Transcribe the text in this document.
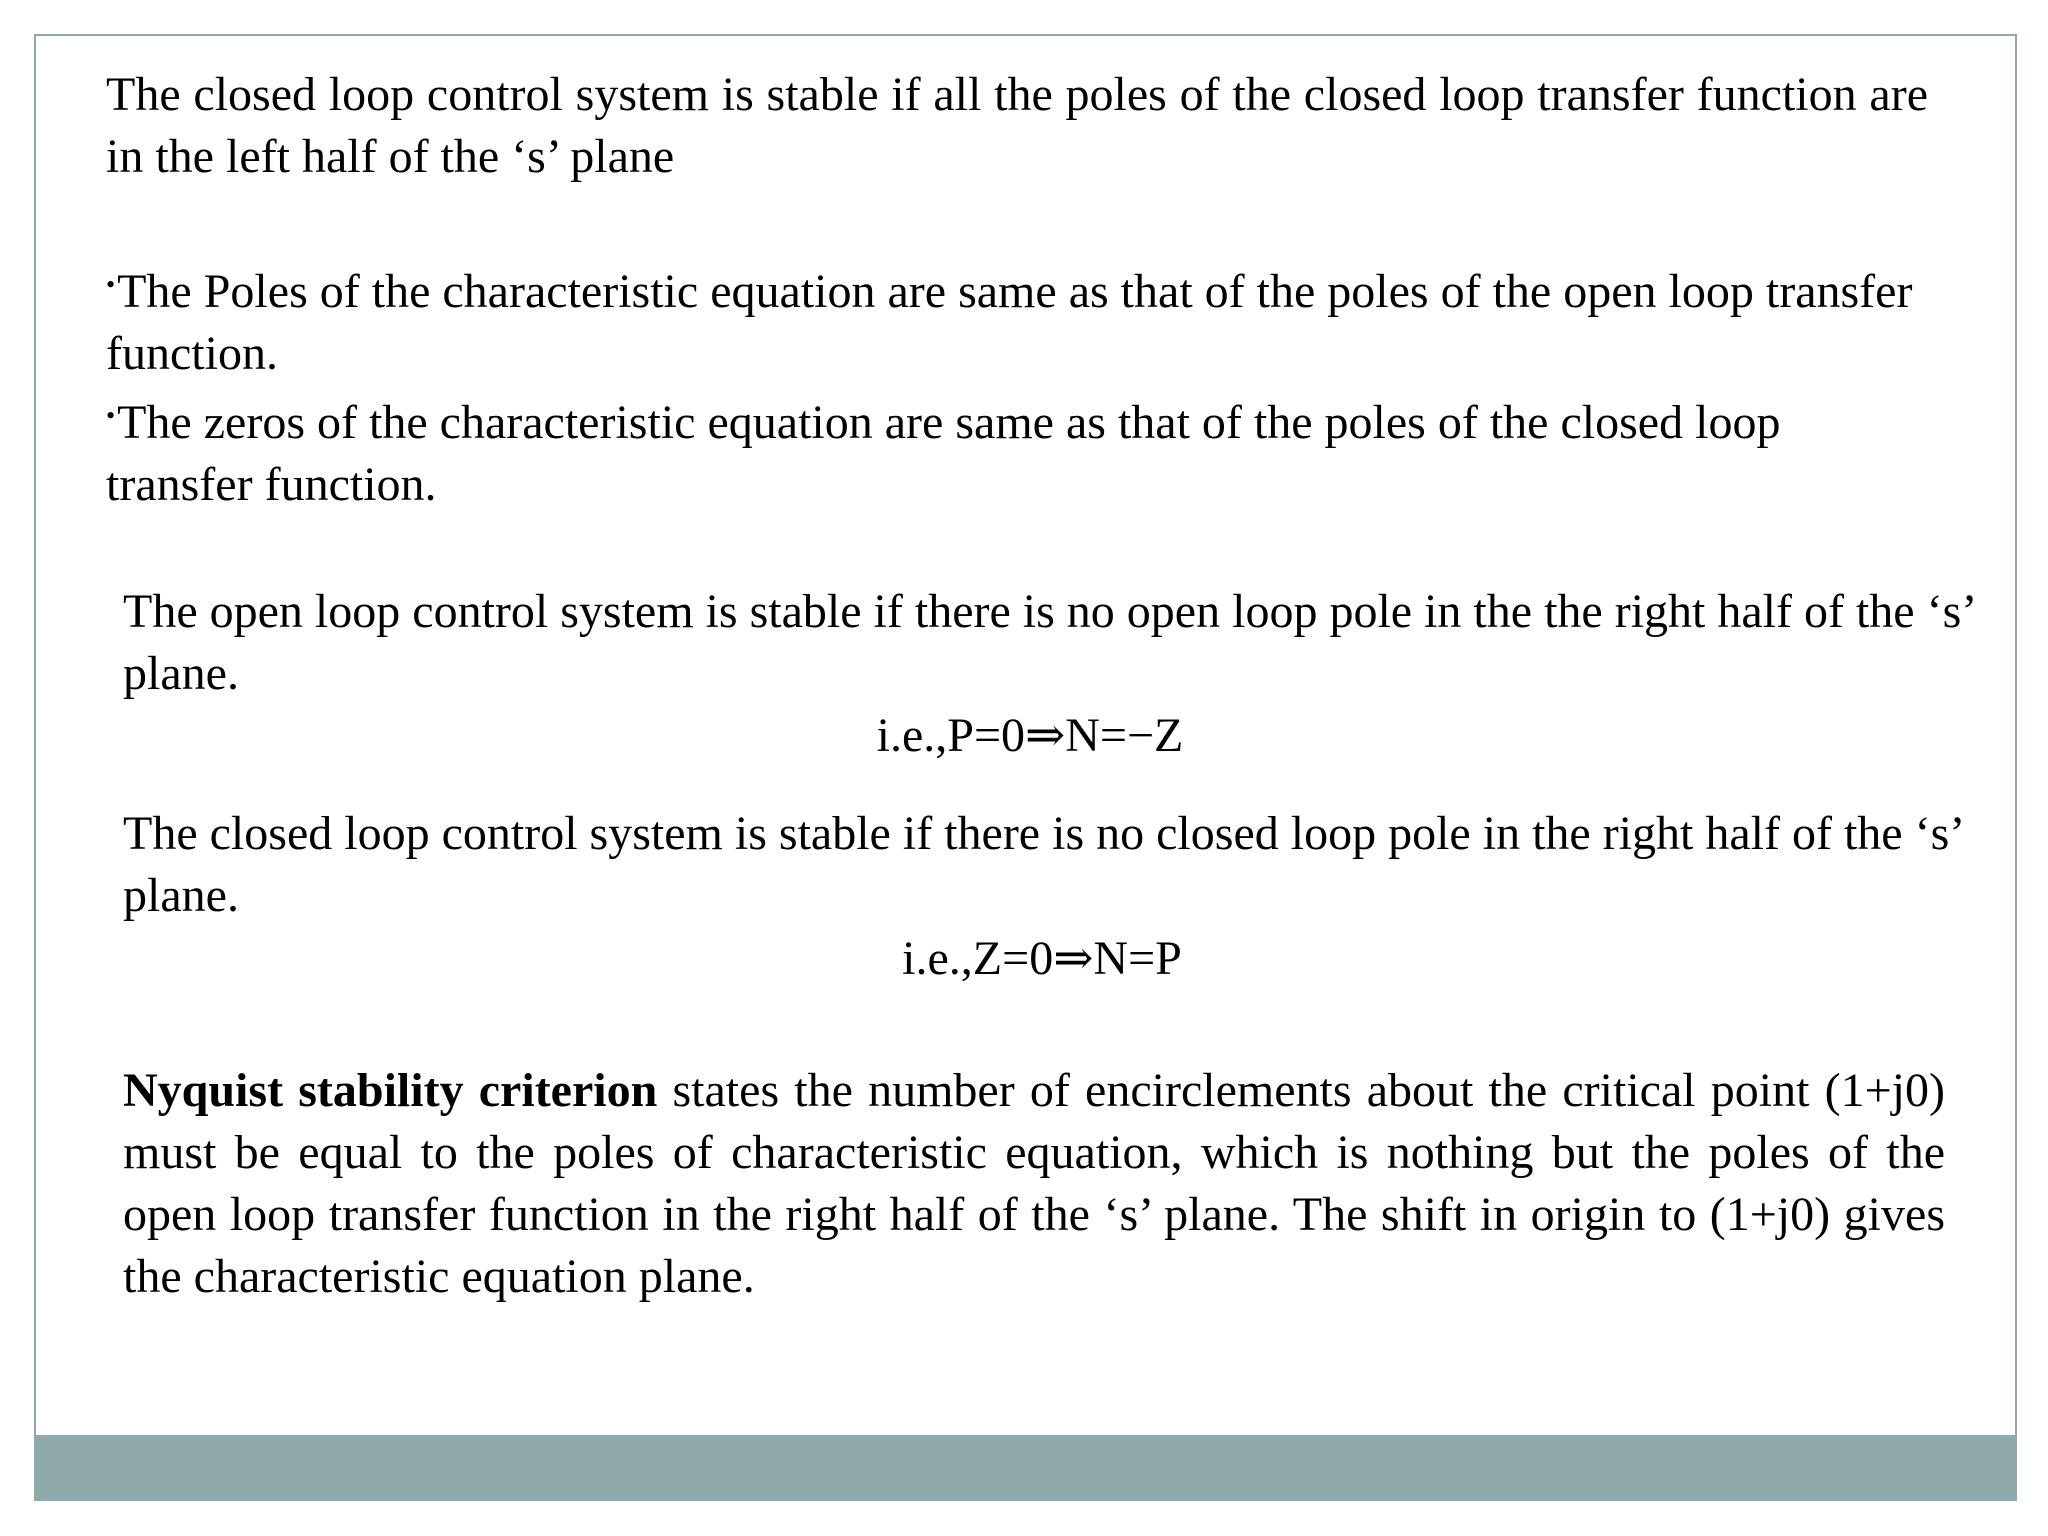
The closed loop control system is stable if all the poles of the closed loop transfer function are in the left half of the ‘s’ plane

•The Poles of the characteristic equation are same as that of the poles of the open loop transfer function.
•The zeros of the characteristic equation are same as that of the poles of the closed loop transfer function.

The open loop control system is stable if there is no open loop pole in the the right half of the ‘s’ plane.

i.e.,P=0⇒N=−Z

The closed loop control system is stable if there is no closed loop pole in the right half of the ‘s’ plane.

i.e.,Z=0⇒N=P

Nyquist stability criterion states the number of encirclements about the critical point (1+j0) must be equal to the poles of characteristic equation, which is nothing but the poles of the open loop transfer function in the right half of the ‘s’ plane. The shift in origin to (1+j0) gives the characteristic equation plane.
